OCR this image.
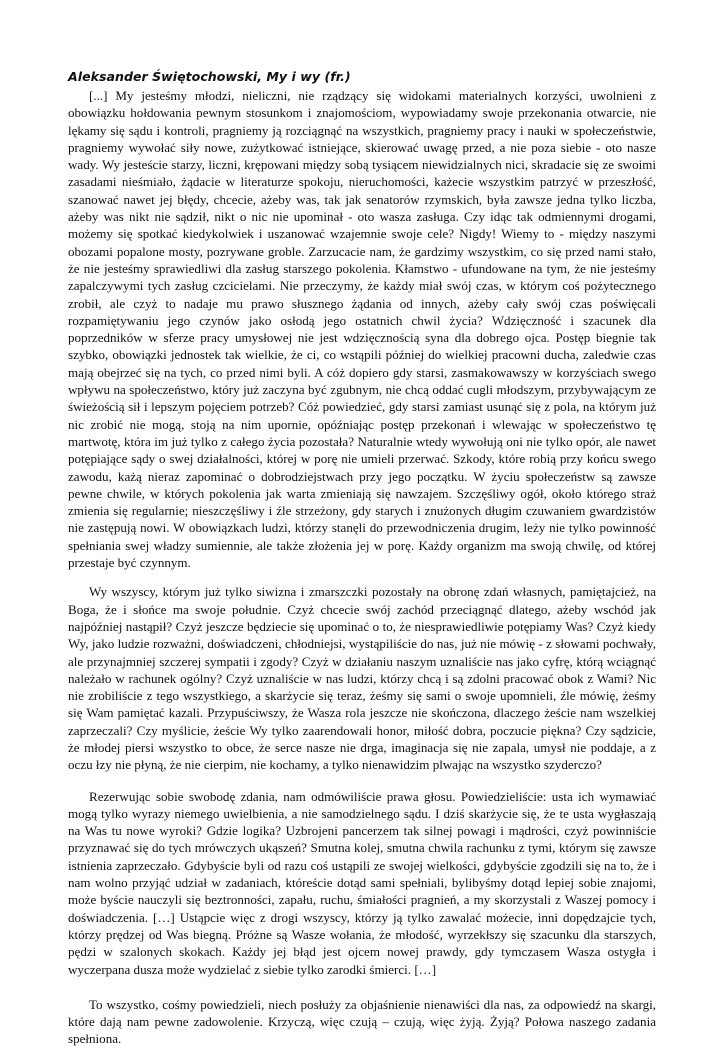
Aleksander Świętochowski, My i wy (fr.)

[...] My jesteśmy młodzi, nieliczni, nie rządzący się widokami materialnych korzyści, uwolnieni z obowiązku hołdowania pewnym stosunkom i znajomościom, wypowiadamy swoje przekonania otwarcie, nie lękamy się sądu i kontroli, pragniemy ją rozciągnąć na wszystkich, pragniemy pracy i nauki w społeczeństwie, pragniemy wywołać siły nowe, zużytkować istniejące, skierować uwagę przed, a nie poza siebie - oto nasze wady. Wy jesteście starzy, liczni, krępowani między sobą tysiącem niewidzialnych nici, skradacie się ze swoimi zasadami nieśmiało, żądacie w literaturze spokoju, nieruchomości, każecie wszystkim patrzyć w przeszłość, szanować nawet jej błędy, chcecie, ażeby was, tak jak senatorów rzymskich, była zawsze jedna tylko liczba, ażeby was nikt nie sądził, nikt o nic nie upominał - oto wasza zasługa. Czy idąc tak odmiennymi drogami, możemy się spotkać kiedykolwiek i uszanować wzajemnie swoje cele? Nigdy! Wiemy to - między naszymi obozami popalone mosty, pozrywane groble. Zarzucacie nam, że gardzimy wszystkim, co się przed nami stało, że nie jesteśmy sprawiedliwi dla zasług starszego pokolenia. Kłamstwo - ufundowane na tym, że nie jesteśmy zapalczywymi tych zasług czcicielami. Nie przeczymy, że każdy miał swój czas, w którym coś pożytecznego zrobił, ale czyż to nadaje mu prawo słusznego żądania od innych, ażeby cały swój czas poświęcali rozpamiętywaniu jego czynów jako osłodą jego ostatnich chwil życia? Wdzięczność i szacunek dla poprzedników w sferze pracy umysłowej nie jest wdzięcznością syna dla dobrego ojca. Postęp biegnie tak szybko, obowiązki jednostek tak wielkie, że ci, co wstąpili później do wielkiej pracowni ducha, zaledwie czas mają obejrzeć się na tych, co przed nimi byli. A cóż dopiero gdy starsi, zasmakowawszy w korzyściach swego wpływu na społeczeństwo, który już zaczyna być zgubnym, nie chcą oddać cugli młodszym, przybywającym ze świeżością sił i lepszym pojęciem potrzeb? Cóż powiedzieć, gdy starsi zamiast usunąć się z pola, na którym już nic zrobić nie mogą, stoją na nim upornie, opóźniając postęp przekonań i wlewając w społeczeństwo tę martwotę, która im już tylko z całego życia pozostała? Naturalnie wtedy wywołują oni nie tylko opór, ale nawet potępiające sądy o swej działalności, której w porę nie umieli przerwać. Szkody, które robią przy końcu swego zawodu, każą nieraz zapominać o dobrodziejstwach przy jego początku. W życiu społeczeństw są zawsze pewne chwile, w których pokolenia jak warta zmieniają się nawzajem. Szczęśliwy ogół, około którego straż zmienia się regularnie; nieszczęśliwy i źle strzeżony, gdy starych i znużonych długim czuwaniem gwardzistów nie zastępują nowi. W obowiązkach ludzi, którzy stanęli do przewodniczenia drugim, leży nie tylko powinność spełniania swej władzy sumiennie, ale także złożenia jej w porę. Każdy organizm ma swoją chwilę, od której przestaje być czynnym.

Wy wszyscy, którym już tylko siwizna i zmarszczki pozostały na obronę zdań własnych, pamiętajcież, na Boga, że i słońce ma swoje południe. Czyż chcecie swój zachód przeciągnąć dlatego, ażeby wschód jak najpóźniej nastąpił? Czyż jeszcze będziecie się upominać o to, że niesprawiedliwie potępiamy Was? Czyż kiedy Wy, jako ludzie rozważni, doświadczeni, chłodniejsi, wystąpiliście do nas, już nie mówię - z słowami pochwały, ale przynajmniej szczerej sympatii i zgody? Czyż w działaniu naszym uznaliście nas jako cyfrę, którą wciągnąć należało w rachunek ogólny? Czyż uznaliście w nas ludzi, którzy chcą i są zdolni pracować obok z Wami? Nic nie zrobiliście z tego wszystkiego, a skarżycie się teraz, żeśmy się sami o swoje upomnieli, źle mówię, żeśmy się Wam pamiętać kazali. Przypuściwszy, że Wasza rola jeszcze nie skończona, dlaczego żeście nam wszelkiej zaprzeczali? Czy myślicie, żeście Wy tylko zaarendowali honor, miłość dobra, poczucie piękna? Czy sądzicie, że młodej piersi wszystko to obce, że serce nasze nie drga, imaginacja się nie zapala, umysł nie poddaje, a z oczu łzy nie płyną, że nie cierpim, nie kochamy, a tylko nienawidzim plwając na wszystko szyderczo?

Rezerwując sobie swobodę zdania, nam odmówiliście prawa głosu. Powiedzieliście: usta ich wymawiać mogą tylko wyrazy niemego uwielbienia, a nie samodzielnego sądu. I dziś skarżycie się, że te usta wygłaszają na Was tu nowe wyroki? Gdzie logika? Uzbrojeni pancerzem tak silnej powagi i mądrości, czyż powinniście przyznawać się do tych mrówczych ukąszeń? Smutna kolej, smutna chwila rachunku z tymi, którym się zawsze istnienia zaprzeczało. Gdybyście byli od razu coś ustąpili ze swojej wielkości, gdybyście zgodzili się na to, że i nam wolno przyjąć udział w zadaniach, któreście dotąd sami spełniali, bylibyśmy dotąd lepiej sobie znajomi, może byście nauczyli się beztronności, zapału, ruchu, śmiałości pragnień, a my skorzystali z Waszej pomocy i doświadczenia. […] Ustąpcie więc z drogi wszyscy, którzy ją tylko zawalać możecie, inni dopędzajcie tych, którzy prędzej od Was biegną. Próżne są Wasze wołania, że młodość, wyrzekłszy się szacunku dla starszych, pędzi w szalonych skokach. Każdy jej błąd jest ojcem nowej prawdy, gdy tymczasem Wasza ostygła i wyczerpana dusza może wydzielać z siebie tylko zarodki śmierci. […]

To wszystko, cośmy powiedzieli, niech posłuży za objaśnienie nienawiści dla nas, za odpowiedź na skargi, które dają nam pewne zadowolenie. Krzyczą, więc czują – czują, więc żyją. Żyją? Połowa naszego zadania spełniona.
